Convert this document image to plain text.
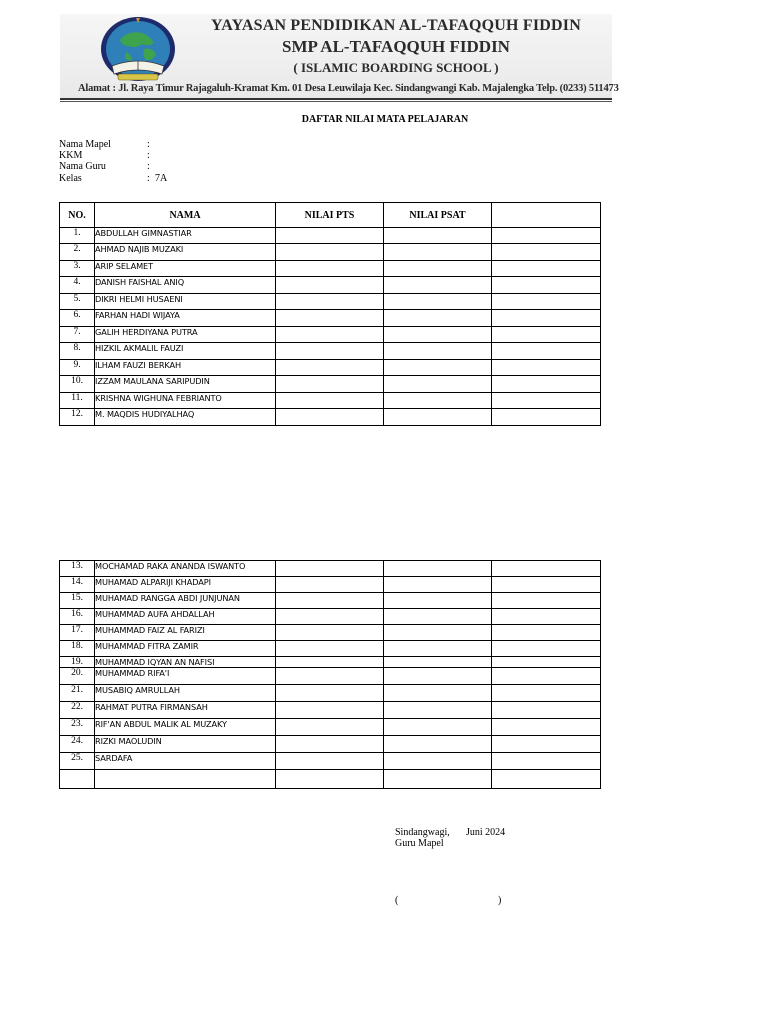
YAYASAN PENDIDIKAN AL-TAFAQQUH FIDDIN
SMP AL-TAFAQQUH FIDDIN
( ISLAMIC BOARDING SCHOOL )
Alamat : Jl. Raya Timur Rajagaluh-Kramat Km. 01 Desa Leuwilaja Kec. Sindangwangi Kab. Majalengka Telp. (0233) 511473
DAFTAR NILAI MATA PELAJARAN
Nama Mapel	:
KKM	:
Nama Guru	:
Kelas	: 7A
NO.	NAMA	NILAI PTS	NILAI PSAT	
1.	ABDULLAH GIMNASTIAR			
2.	AHMAD NAJIB MUZAKI			
3.	ARIP SELAMET			
4.	DANISH FAISHAL ANIQ			
5.	DIKRI HELMI HUSAENI			
6.	FARHAN HADI WIJAYA			
7.	GALIH HERDIYANA PUTRA			
8.	HIZKIL AKMALIL FAUZI			
9.	ILHAM FAUZI BERKAH			
10.	IZZAM MAULANA SARIPUDIN			
11.	KRISHNA WIGHUNA FEBRIANTO			
12.	M. MAQDIS HUDIYALHAQ			
13.	MOCHAMAD RAKA ANANDA ISWANTO			
14.	MUHAMAD ALPARIJI KHADAPI			
15.	MUHAMAD RANGGA ABDI JUNJUNAN			
16.	MUHAMMAD AUFA AHDALLAH			
17.	MUHAMMAD FAIZ AL FARIZI			
18.	MUHAMMAD FITRA ZAMIR			
19.	MUHAMMAD IQYAN AN NAFISI			
20.	MUHAMMAD RIFA'I			
21.	MUSABIQ AMRULLAH			
22.	RAHMAT PUTRA FIRMANSAH			
23.	RIF'AN ABDUL MALIK AL MUZAKY			
24.	RIZKI MAOLUDIN			
25.	SARDAFA			

Sindangwagi, Juni 2024
Guru Mapel
(	)
